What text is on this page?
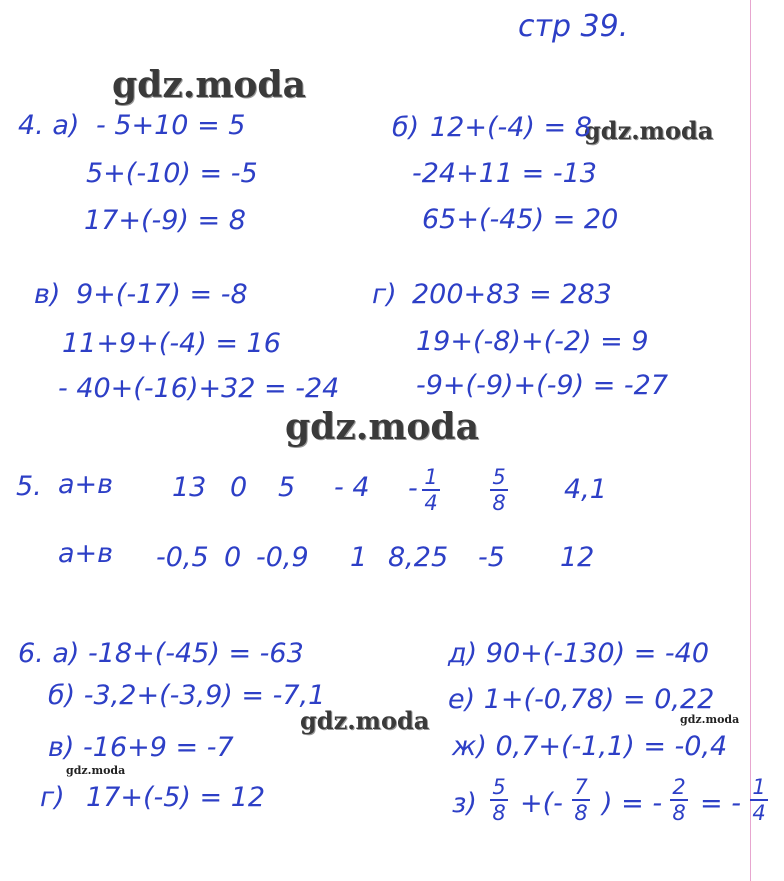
стр 39.
gdz.moda
gdz.moda
gdz.moda
gdz.moda	gdz.moda
gdz.moda
4. а) - 5+10 = 5
5+(-10) = -5
17+(-9) = 8
б) 12+(-4) = 8
-24+11 = -13
65+(-45) = 20
в) 9+(-17) = -8
11+9+(-4) = 16
- 40+(-16)+32 = -24
г) 200+83 = 283
19+(-8)+(-2) = 9
-9+(-9)+(-9) = -27
5. a+в 13 0 5 - 4 - 1
4
5
8 4,1
a+в -0,5 0 -0,9 1 8,25 -5 12
6. а) -18+(-45) = -63
б) -3,2+(-3,9) = -7,1
в) -16+9 = -7
г) 17+(-5) = 12
д) 90+(-130) = -40
е) 1+(-0,78) = 0,22
ж) 0,7+(-1,1) = -0,4
з)
5
8 +(-
7
8 ) = -
2
8 = -
1
4
